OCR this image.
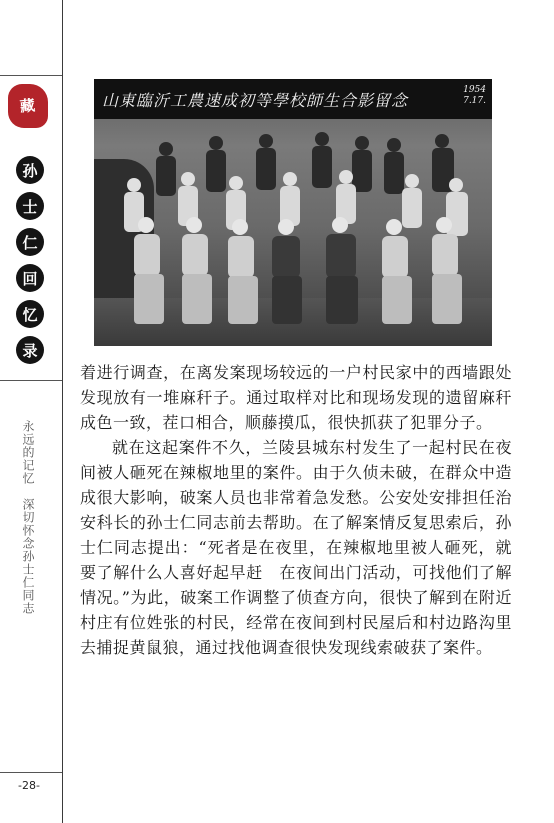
藏
孙
士
仁
回
忆
录
永远的记忆　深切怀念孙士仁同志
-28-
山東臨沂工農速成初等學校師生合影留念
1954
7.17.

着进行调查，在离发案现场较远的一户村民家中的西墙跟处发现放有一堆麻秆子。通过取样对比和现场发现的遗留麻秆成色一致，茬口相合，顺藤摸瓜，很快抓获了犯罪分子。

就在这起案件不久，兰陵县城东村发生了一起村民在夜间被人砸死在辣椒地里的案件。由于久侦未破，在群众中造成很大影响，破案人员也非常着急发愁。公安处安排担任治安科长的孙士仁同志前去帮助。在了解案情反复思索后，孙士仁同志提出：“死者是在夜里，在辣椒地里被人砸死，就要了解什么人喜好起早赶　在夜间出门活动，可找他们了解情况。”为此，破案工作调整了侦查方向，很快了解到在附近村庄有位姓张的村民，经常在夜间到村民屋后和村边路沟里去捕捉黄鼠狼，通过找他调查很快发现线索破获了案件。
